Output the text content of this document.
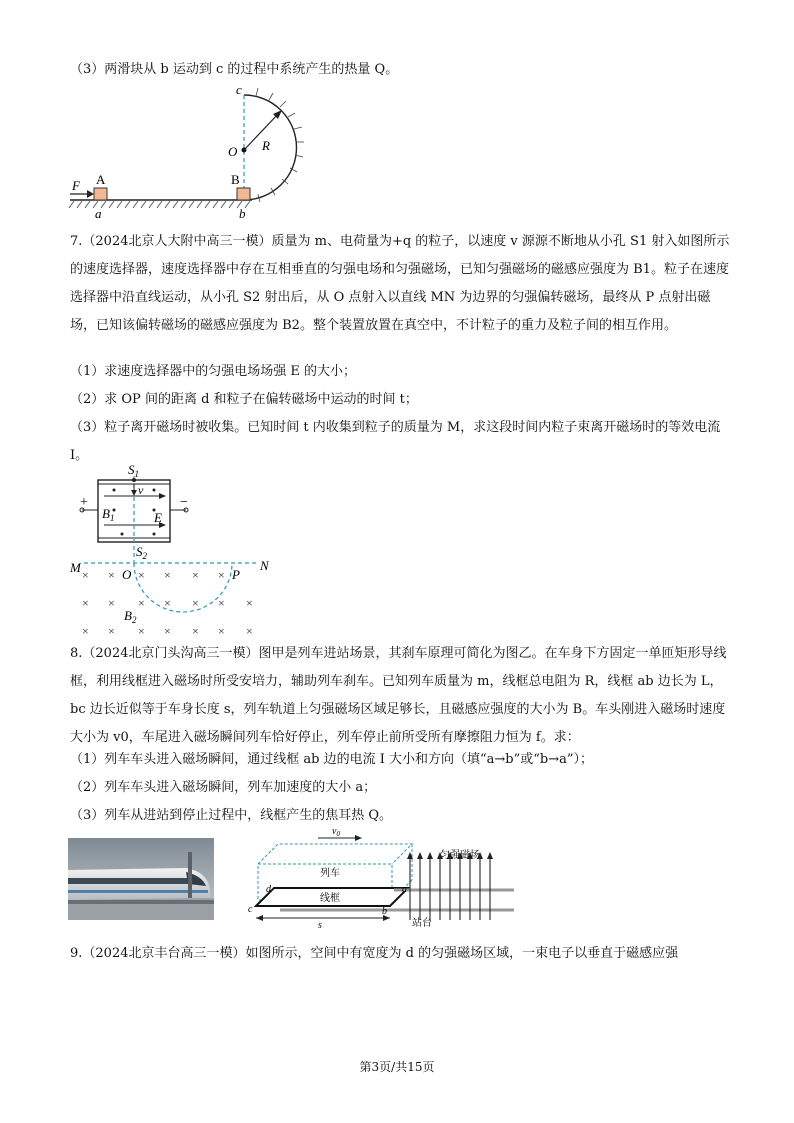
（3）两滑块从 b 运动到 c 的过程中系统产生的热量 Q。

F A	B
a	b
c
O R

7.（2024北京人大附中高三一模）质量为 m、电荷量为+q 的粒子，以速度 v 源源不断地从小孔 S1 射入如图所示的速度选择器，速度选择器中存在互相垂直的匀强电场和匀强磁场，已知匀强磁场的磁感应强度为 B1。粒子在速度选择器中沿直线运动，从小孔 S2 射出后，从 O 点射入以直线 MN 为边界的匀强偏转磁场，最终从 P 点射出磁场，已知该偏转磁场的磁感应强度为 B2。整个装置放置在真空中，不计粒子的重力及粒子间的相互作用。

（1）求速度选择器中的匀强电场场强 E 的大小；

（2）求 OP 间的距离 d 和粒子在偏转磁场中运动的时间 t；

（3）粒子离开磁场时被收集。已知时间 t 内收集到粒子的质量为 M，求这段时间内粒子束离开磁场时的等效电流 I。

+	−
× × × × × ×
× × × × × × ×
× × × × × × ×
$S_1$
v
E
$B_1$
$S_2$
M	N
O	P
$B_2$

8.（2024北京门头沟高三一模）图甲是列车进站场景，其刹车原理可简化为图乙。在车身下方固定一单匝矩形导线框，利用线框进入磁场时所受安培力，辅助列车刹车。已知列车质量为 m，线框总电阻为 R，线框 ab 边长为 L，bc 边长近似等于车身长度 s，列车轨道上匀强磁场区域足够长，且磁感应强度的大小为 B。车头刚进入磁场时速度大小为 v0，车尾进入磁场瞬间列车恰好停止，列车停止前所受所有摩擦阻力恒为 f。求：

（1）列车车头进入磁场瞬间，通过线框 ab 边的电流 I 大小和方向（填“a→b”或“b→a”）；

（2）列车车头进入磁场瞬间，列车加速度的大小 a；

（3）列车从进站到停止过程中，线框产生的焦耳热 Q。

$v_0$
列车
线框
匀强磁场
站台
c
d	a
b
s

9.（2024北京丰台高三一模）如图所示，空间中有宽度为 d 的匀强磁场区域，一束电子以垂直于磁感应强

第3页/共15页
